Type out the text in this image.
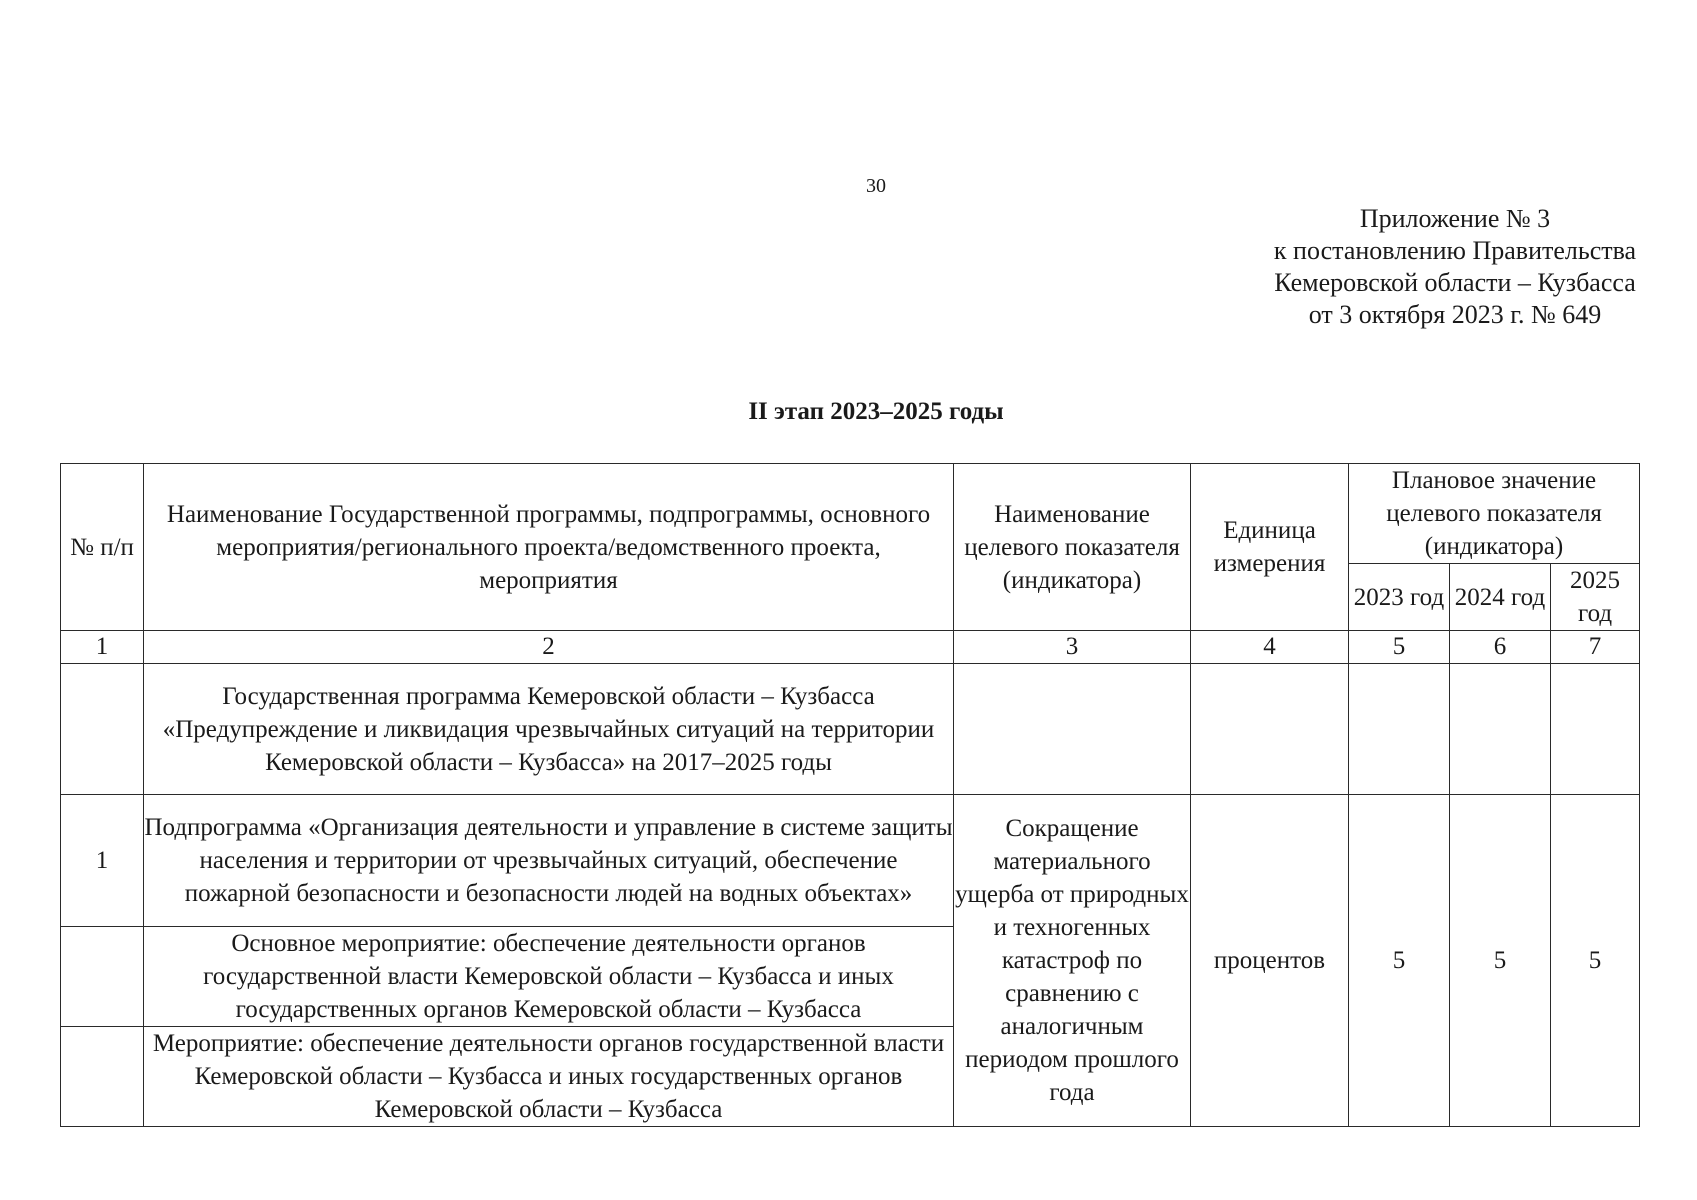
30
Приложение № 3
к постановлению Правительства
Кемеровской области – Кузбасса
от 3 октября 2023 г. № 649
II этап 2023–2025 годы
№ п/п	Наименование Государственной программы, подпрограммы, основного мероприятия/регионального проекта/ведомственного проекта, мероприятия	Наименование целевого показателя (индикатора)	Единица измерения	Плановое значение целевого показателя (индикатора)		
				2023 год	2024 год	2025 год
1	2	3	4	5	6	7
	Государственная программа Кемеровской области – Кузбасса «Предупреждение и ликвидация чрезвычайных ситуаций на территории Кемеровской области – Кузбасса» на 2017–2025 годы					
1	Подпрограмма «Организация деятельности и управление в системе защиты населения и территории от чрезвычайных ситуаций, обеспечение пожарной безопасности и безопасности людей на водных объектах»	Сокращение материального ущерба от природных и техногенных катастроф по сравнению с аналогичным периодом прошлого года	процентов	5	5	5
	Основное мероприятие: обеспечение деятельности органов государственной власти Кемеровской области – Кузбасса и иных государственных органов Кемеровской области – Кузбасса					
	Мероприятие: обеспечение деятельности органов государственной власти Кемеровской области – Кузбасса и иных государственных органов Кемеровской области – Кузбасса					
